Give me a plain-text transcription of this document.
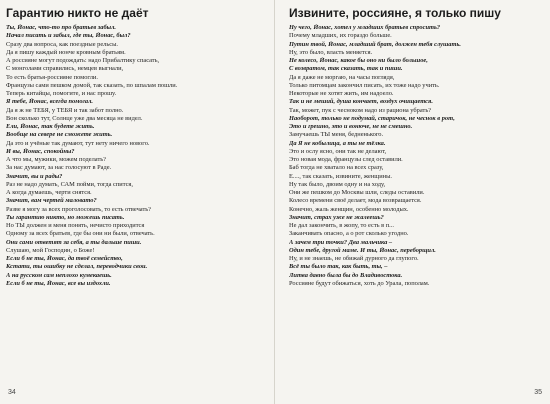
Гарантию никто не даёт
Ты, Йонас, что-то про братьев забыл.
Начал писать и забыл, где ты, Йонас, был?
Сразу два вопроса, как поездные рельсы.
Да я пишу каждый нонче кровным братьям.
А россияне могут подождать: надо Прибалтику спасать,
С монголами справились, немцев выгнали,
То есть братья-россияне помогли.
Французы сами пешком домой, так сказать, по шпалам пошли.
Теперь китайцы, помогите, и нас прошу.
Я тебе, Йонас, всегда помогал.
Да я ж не ТЕБЯ, у ТЕБЯ и так забот полно.
Вон сколько тут, Солнце уже два месяца не видел.
Ели, Йонас, так будете жить.
Вообще на севере не сможете жить.
Да это и учёные так думают, тут нету ничего нового.
И вы, Йонас, спокойны?
А что мы, мужики, можем поделать?
За нас думают, за нас голосуют в Раде.
Значит, вы и рады?
Раз не надо думать, САМ пойми, тогда спится,
А когда думаешь, черти снятся.
Значит, вам чертей маловато?
Разве я могу за всех проголосовать, то есть отвечать?
Ты гарантию никто, но можешь писать.
Но ТЫ должен и меня понять, нечисто приходится
Одному за всех братьев, где бы они ни были, отвечать.
Они сами ответят за себя, а ты дальше пиши.
Слушаю, мой Господин, о Боже!
Если б не ты, Йонас, да твоё семейство,
Кстати, ты ошибку не сделал, переводчики свои.
А на русском сам неплохо кумекаешь.
Если б не ты, Йонас, все вы издохли.
34
Извините, россияне, я только пишу
Ну чего, Йонас, хотел у младших братьев спросить?
Почему младших, их гораздо больше.
Путин твой, Йонас, младший брат, должен тебя слушать.
Ну, это было, власть меняется.
Не колесо, Йонас, какое бы оно ни было большое,
С возвратом, так сказать, так и пиши.
Да я даже не моргаю, на часы поглядя,
Только питомцам закончил писать, их тоже надо учить.
Некоторые не хотят жить, им надоело.
Так и не меший, душа кончает, воздух очищается.
Так, может, пук с чесноком надо из рациона убрать?
Наоборот, только не подумай, старичок, не чеснок в рот,
Это и грешно, это и вонюче, не не смешно.
Замучаешь ТЫ меня, бедненького.
Да Я не кобылица, а ты не тёлка.
Это и ослу ясно, они так не делают,
Это новая мода, французы след оставили.
Баб тогда не хватало на всех сразу,
Е...., так сказать, извините, женщины.
Ну так было, двоим одну и на ходу,
Они же пешком до Москвы шли, следы оставили.
Колесо времени своё делает, мода возвращается.
Конечно, жаль женщин, особенно молодых.
Значит, страх уже не жалеешь?
Не дал закончить, в жопу, то есть в п...
Заканчивать опасно, а о рот сколько угодно.
А зачем три точки? Два мальчика –
Один тебе, другой маме. И ты, Йонас, переборщил.
Ну, и не знаешь, не обижай дурного да глупого.
Всё ты было так, как быть, ты, –
Литва давно была бы до Владивостока.
Россияне будут обижаться, хоть до Урала, пополам.
35
